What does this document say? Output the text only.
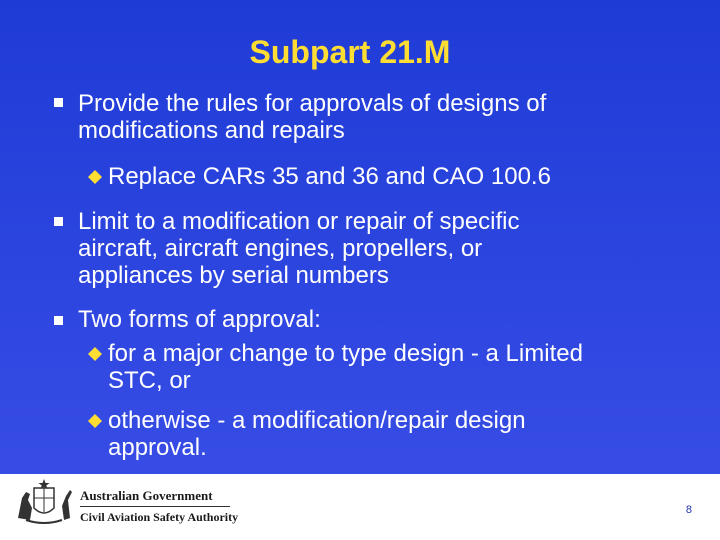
Subpart 21.M
Provide the rules for approvals of designs of
modifications and repairs
Replace CARs 35 and 36 and CAO 100.6
Limit to a modification or repair of specific
aircraft, aircraft engines, propellers, or
appliances by serial numbers
Two forms of approval:
for a major change to type design - a Limited
STC, or
otherwise - a modification/repair design
approval.
Australian Government
Civil Aviation Safety Authority	8
